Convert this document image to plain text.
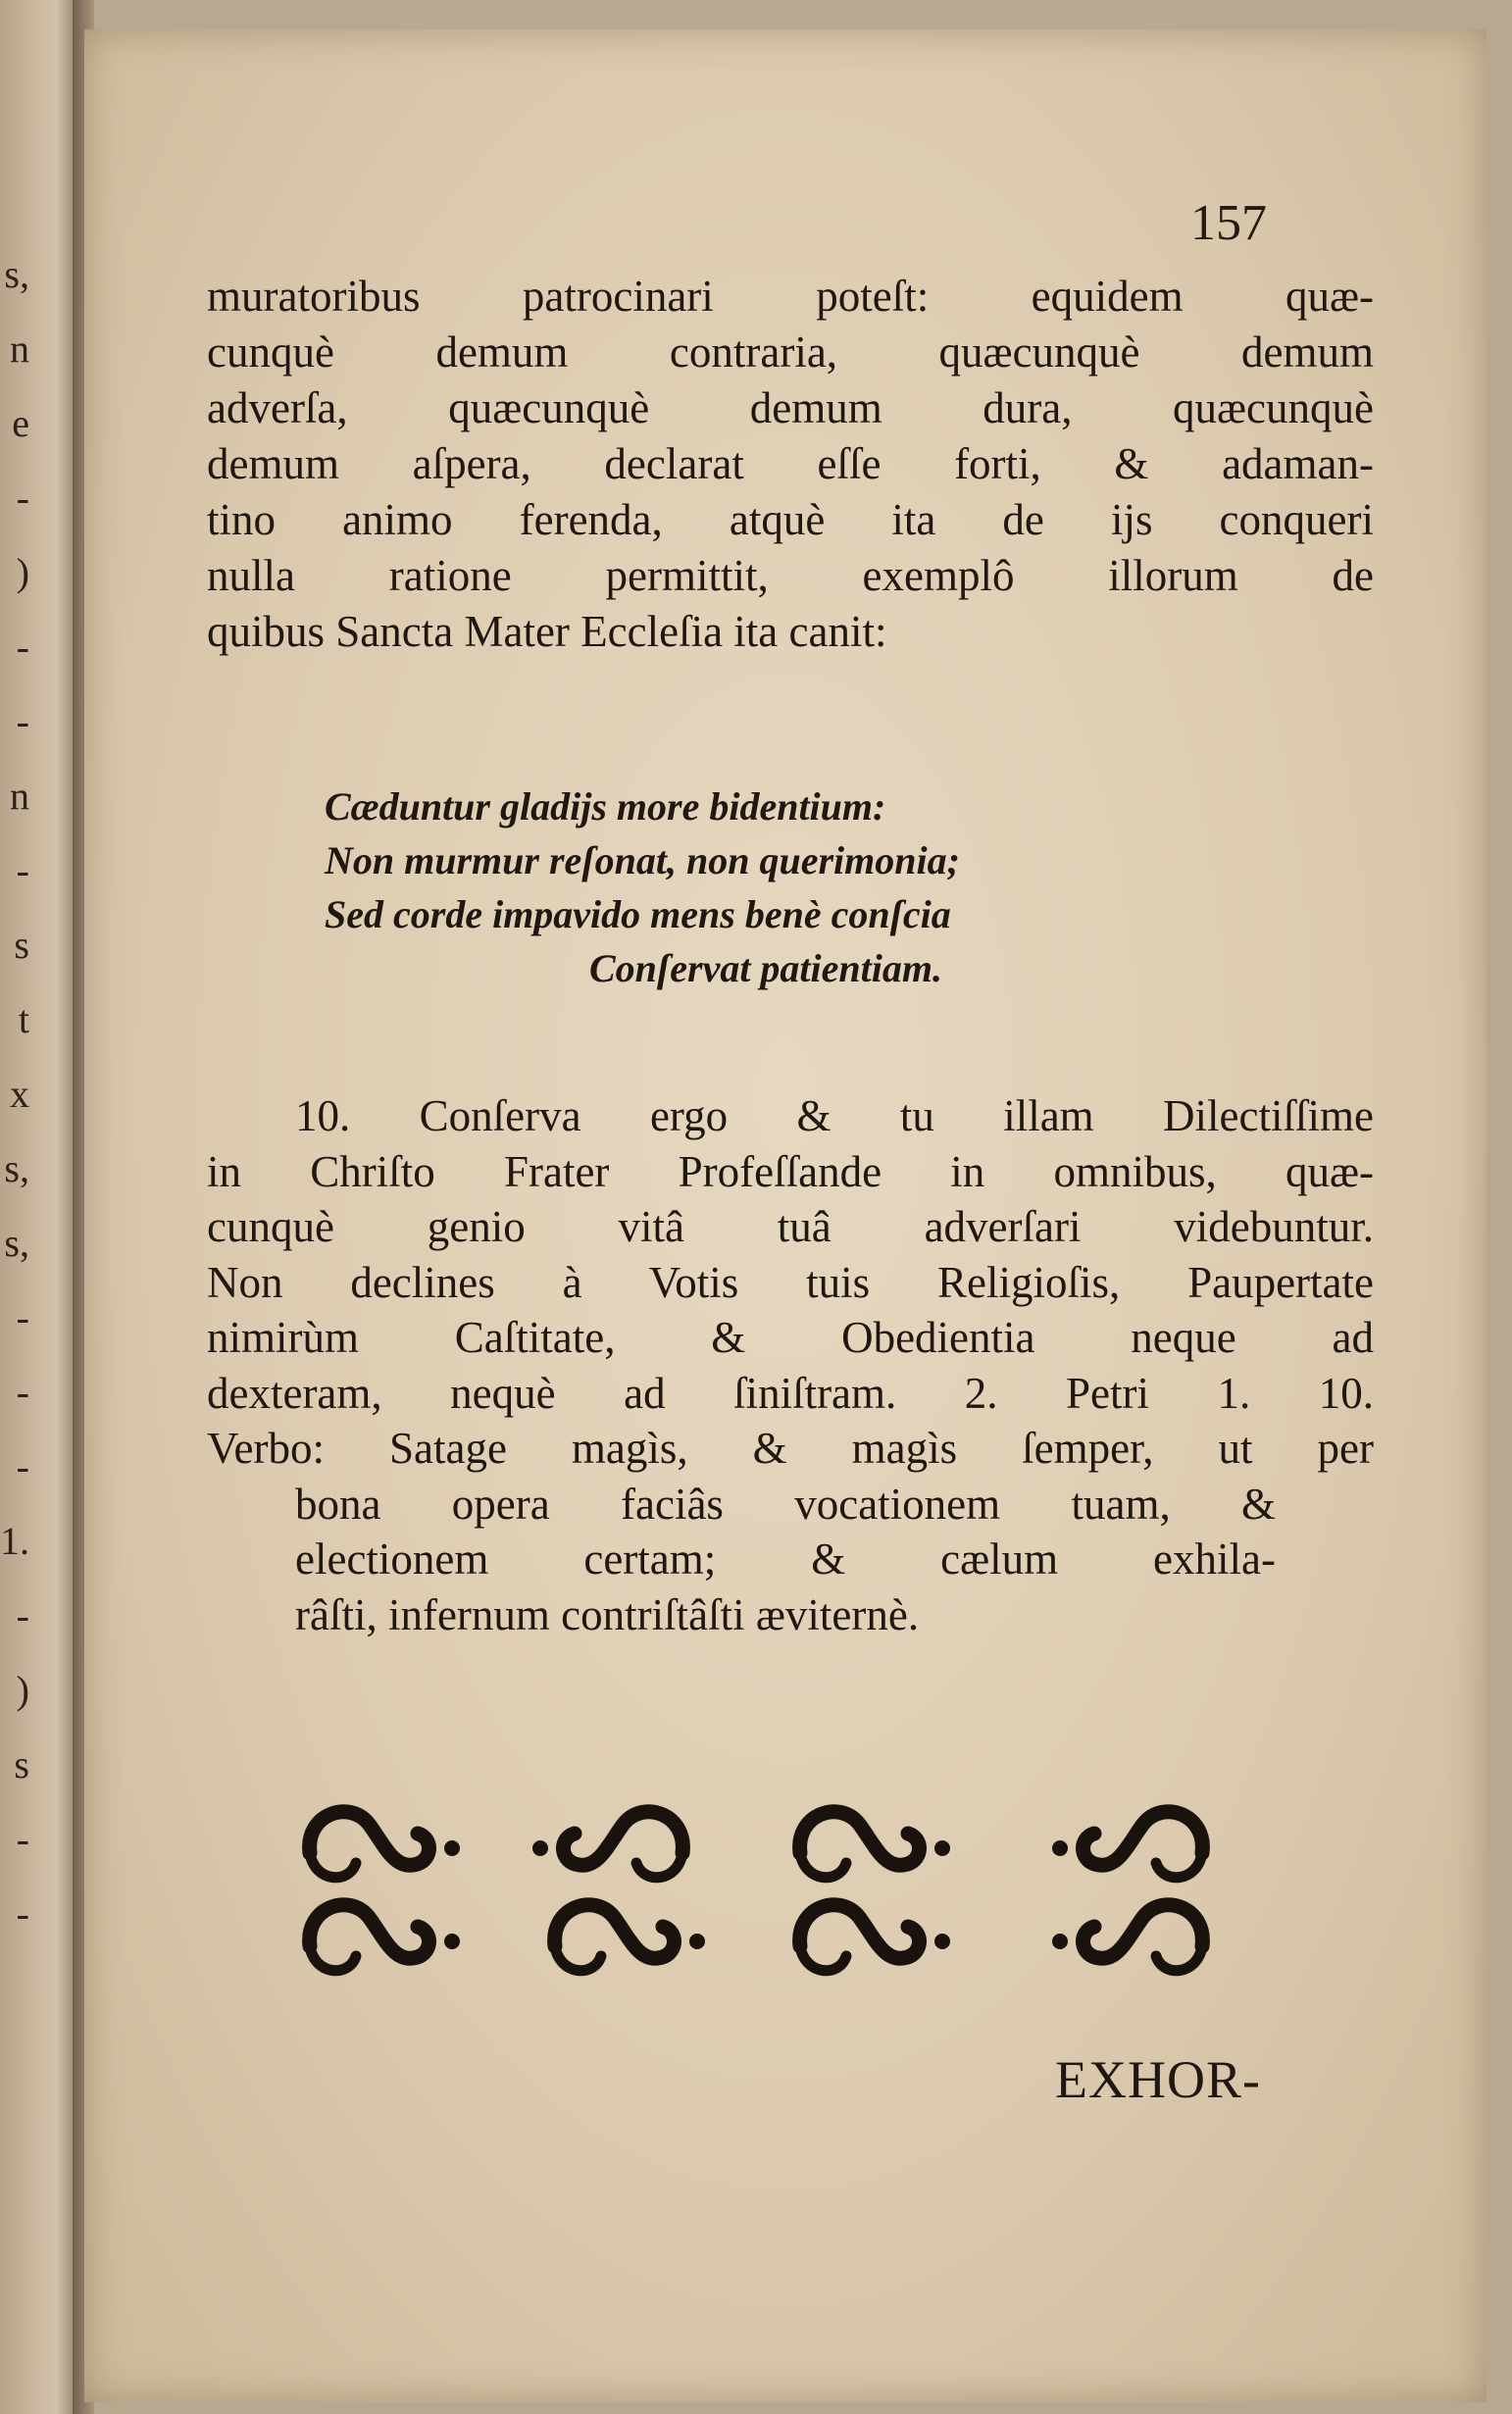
s,
n
e
-
)
-
-
n
-
s
t
x
s,
s,
-
-
-
1.
-
)
s
-
-
157
muratoribus patrocinari poteſt: equidem quæ-
cunquè demum contraria, quæcunquè demum
adverſa, quæcunquè demum dura, quæcunquè
demum aſpera, declarat eſſe forti, & adaman-
tino animo ferenda, atquè ita de ijs conqueri
nulla ratione permittit, exemplô illorum de
quibus Sancta Mater Eccleſia ita canit:
Cæduntur gladijs more bidentium:
Non murmur reſonat, non querimonia;
Sed corde impavido mens benè conſcia
Conſervat patientiam.
10. Conſerva ergo & tu illam Dilectiſſime
in Chriſto Frater Profeſſande in omnibus, quæ-
cunquè genio vitâ tuâ adverſari videbuntur.
Non declines à Votis tuis Religioſis, Paupertate
nimirùm Caſtitate, & Obedientia neque ad
dexteram, nequè ad ſiniſtram. 2. Petri 1. 10.
Verbo: Satage magìs, & magìs ſemper, ut per
bona opera faciâs vocationem tuam, &
electionem certam; & cælum exhila-
râſti, infernum contriſtâſti æviternè.
EXHOR-
